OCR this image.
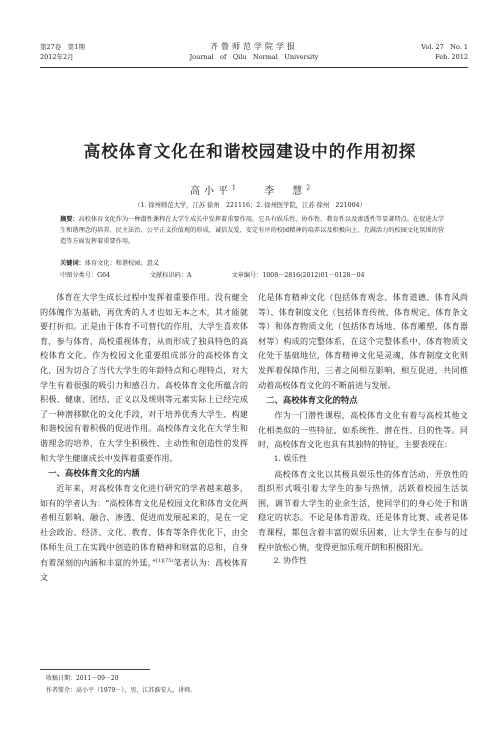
第27卷　第1期
2012年2月
齐鲁师范学院学报
Journal　of　Qilu　Normal　University
Vol. 27　No. 1
Feb. 2012
高校体育文化在和谐校园建设中的作用初探
高小平$^1$	李　慧$^2$
（1. 徐州师范大学，江苏 徐州　221116；2. 徐州医学院，江苏 徐州　221004）
摘要：高校体育文化作为一种潜性课程在大学生成长中发挥着重要作用，它具有娱乐性、协作性、教育性以及渗透性等显著特点。在促进大学生和谐理念的培养、民主法治、公平正义价值观的形成，诚信友爱、安定有序的校园精神的培养以及积极向上、充满活力的校园文化氛围的营造等方面发挥着重要作用。
关键词：体育文化；和谐校园；意义
中图分类号：G64	文献标识码：A	文章编号：1008－2816(2012)01－0128－04

体育在大学生成长过程中发挥着重要作用。没有健全的体魄作为基础，再优秀的人才也如无本之木，其才能就要打折扣。正是由于体育不可替代的作用，大学生喜欢体育，参与体育，高校重视体育，从而形成了独具特色的高校体育文化。作为校园文化重要组成部分的高校体育文化，因为切合了当代大学生的年龄特点和心理特点，对大学生有着很强的吸引力和感召力。高校体育文化所蕴含的积极、健康、团结、正义以及规则等元素实际上已经完成了一种潜移默化的文化手段，对于培养优秀大学生、构建和谐校园有着积极的促进作用。高校体育文化在大学生和谐理念的培养，在大学生积极性、主动性和创造性的发挥和大学生健康成长中发挥着重要作用。

一、高校体育文化的内涵

近年来，对高校体育文化进行研究的学者越来越多，如有的学者认为：“高校体育文化是校园文化和体育文化两者相互影响、融合、渗透、促进而发展起来的，是在一定社会政治、经济、文化、教育、体育等条件优化下，由全体师生员工在实践中创造的体育精神和财富的总和，自身有着深刻的内涵和丰富的外延。”$^{[1](75)}$笔者认为：高校体育文

化是体育精神文化（包括体育观念、体育道德、体育风尚等）、体育制度文化（包括体育传统、体育规定、体育条文等）和体育物质文化（包括体育场地、体育雕塑、体育器材等）构成的完整体系，在这个完整体系中，体育物质文化处于基础地位，体育精神文化是灵魂，体育制度文化则发挥着保障作用，三者之间相互影响，相互促进，共同推动着高校体育文化的不断前进与发展。

二、高校体育文化的特点

作为一门潜性课程，高校体育文化有着与高校其他文化相类似的一些特征，如系统性、潜在性、目的性等。同时，高校体育文化也具有其独特的特征，主要表现在：

1. 娱乐性

高校体育文化以其极具娱乐性的体育活动，开放性的组织形式吸引着大学生的参与热情，活跃着校园生活氛围，调节着大学生的业余生活，使同学们的身心处于和谐稳定的状态。不论是体育游戏、还是体育比赛、或者是体育课程，都包含着丰富的娱乐因素，让大学生在参与的过程中放松心情，变得更加乐观开朗和积极阳光。

2. 协作性
收稿日期：2011－09－20
作者简介：高小平（1979－），男，江苏淮安人，讲师。
